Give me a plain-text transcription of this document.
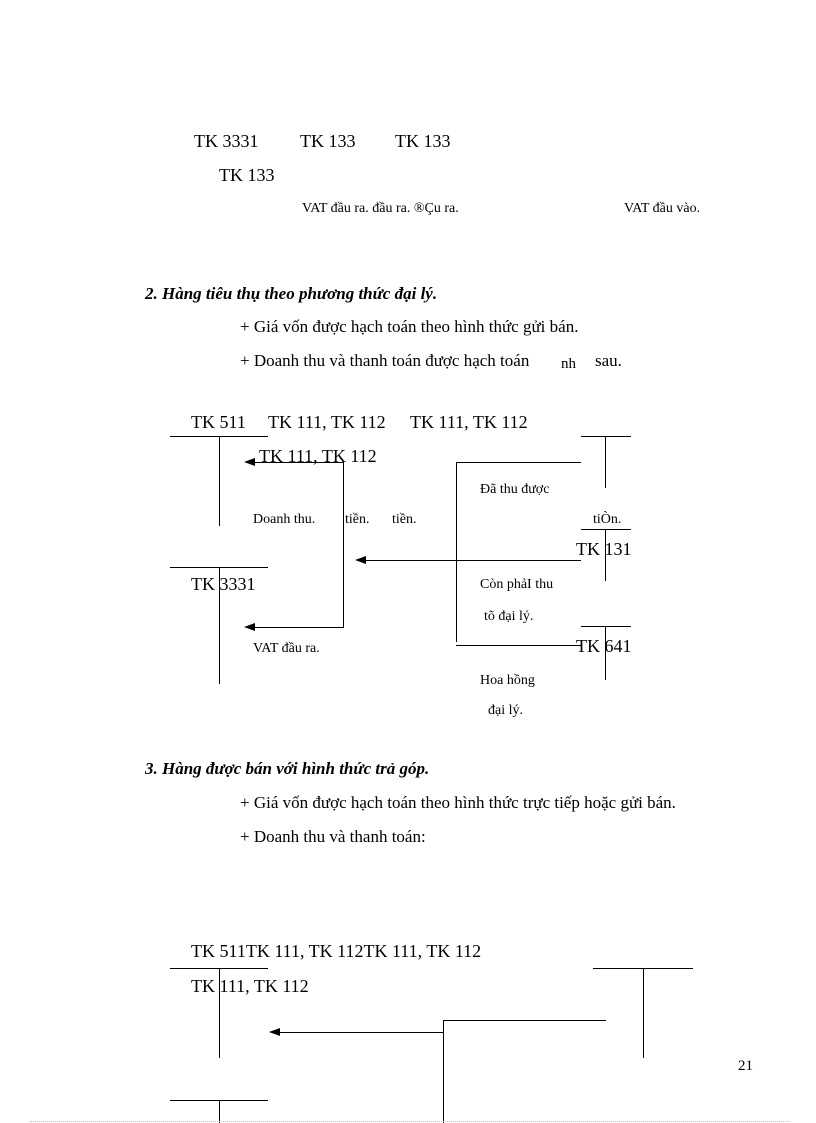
TK 3331 TK 133 TK 133
TK 133
VAT đầu ra. đầu ra. ®Çu ra.	VAT đầu vào.
2. Hàng tiêu thụ theo phương thức đại lý.
+ Giá vốn được hạch toán theo hình thức gửi bán.
+ Doanh thu và thanh toán được hạch toán nh sau.
TK 511 TK 111, TK 112 TK 111, TK 112
TK 111, TK 112
TK 3331
TK 131
TK 641
Doanh thu. tiền. tiền.
Đã thu được
tiÒn.
Còn phảI thu
tõ đại lý.
VAT đầu ra.
Hoa hồng
đại lý.
3. Hàng được bán với hình thức trả góp.
+ Giá vốn được hạch toán theo hình thức trực tiếp hoặc gửi bán.
+ Doanh thu và thanh toán:
TK 511TK 111, TK 112TK 111, TK 112
TK 111, TK 112
21
